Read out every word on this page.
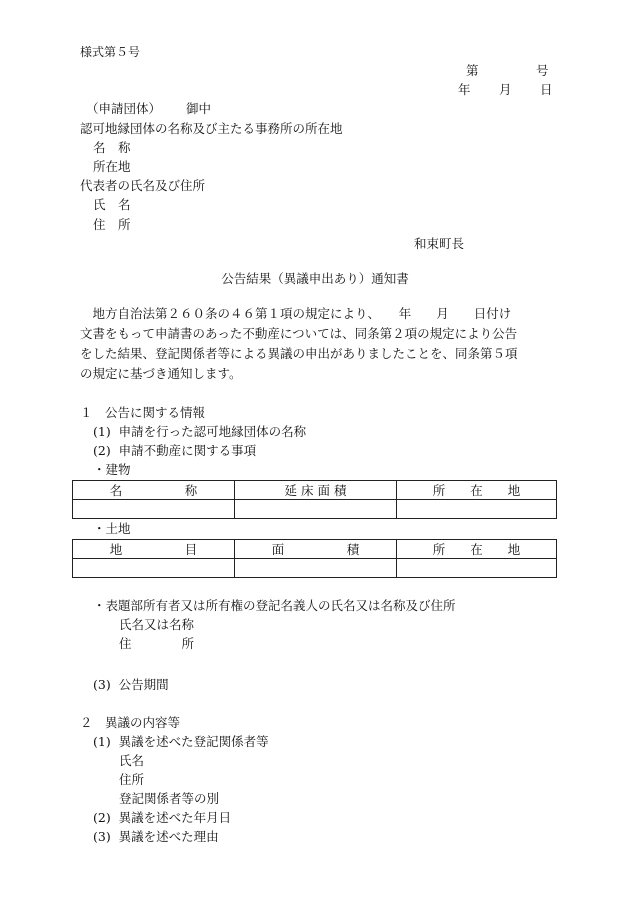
様式第５号
第	号
年 月 日
（申請団体） 御中
認可地縁団体の名称及び主たる事務所の所在地
名　称
所在地
代表者の氏名及び住所
氏　名
住　所
和束町長
公告結果（異議申出あり）通知書
　地方自治法第２６０条の４６第１項の規定により、　　年　　月　　日付け
文書をもって申請書のあった不動産については、同条第２項の規定により公告
をした結果、登記関係者等による異議の申出がありましたことを、同条第５項
の規定に基づき通知します。
１　公告に関する情報
(1)  申請を行った認可地縁団体の名称
(2)  申請不動産に関する事項
・建物
名　　　　　称	延 床 面 積	所　　在　　地

・土地
地　　　　　目	面　　　　　積	所　　在　　地

・表題部所有者又は所有権の登記名義人の氏名又は名称及び住所
氏名又は名称
住　　　　所
(3)  公告期間
２　異議の内容等
(1)  異議を述べた登記関係者等
氏名
住所
登記関係者等の別
(2)  異議を述べた年月日
(3)  異議を述べた理由
